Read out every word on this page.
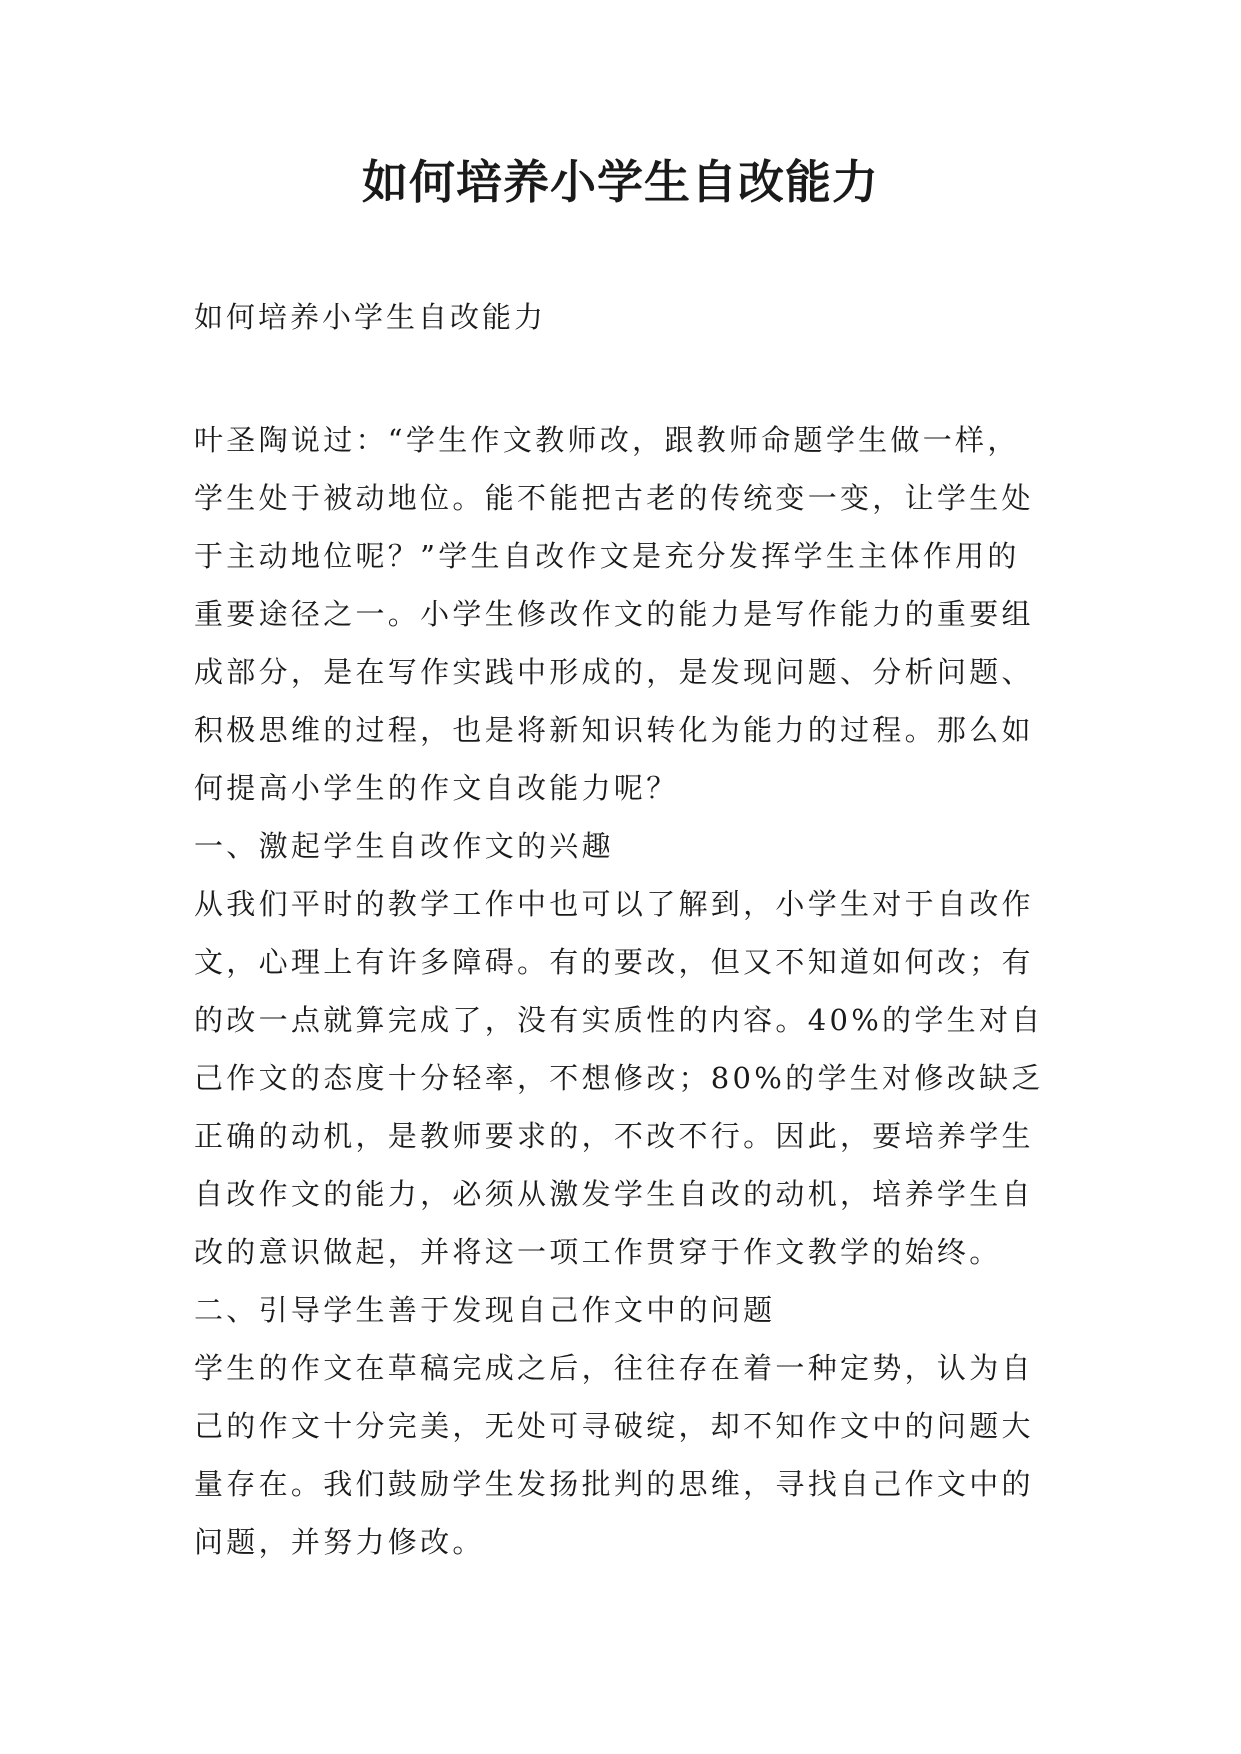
如何培养小学生自改能力
如何培养小学生自改能力
叶圣陶说过：“学生作文教师改，跟教师命题学生做一样，
学生处于被动地位。能不能把古老的传统变一变，让学生处
于主动地位呢？”学生自改作文是充分发挥学生主体作用的
重要途径之一。小学生修改作文的能力是写作能力的重要组
成部分，是在写作实践中形成的，是发现问题、分析问题、
积极思维的过程，也是将新知识转化为能力的过程。那么如
何提高小学生的作文自改能力呢？
一、激起学生自改作文的兴趣
从我们平时的教学工作中也可以了解到，小学生对于自改作
文，心理上有许多障碍。有的要改，但又不知道如何改；有
的改一点就算完成了，没有实质性的内容。40%的学生对自
己作文的态度十分轻率，不想修改；80%的学生对修改缺乏
正确的动机，是教师要求的，不改不行。因此，要培养学生
自改作文的能力，必须从激发学生自改的动机，培养学生自
改的意识做起，并将这一项工作贯穿于作文教学的始终。
二、引导学生善于发现自己作文中的问题
学生的作文在草稿完成之后，往往存在着一种定势，认为自
己的作文十分完美，无处可寻破绽，却不知作文中的问题大
量存在。我们鼓励学生发扬批判的思维，寻找自己作文中的
问题，并努力修改。
